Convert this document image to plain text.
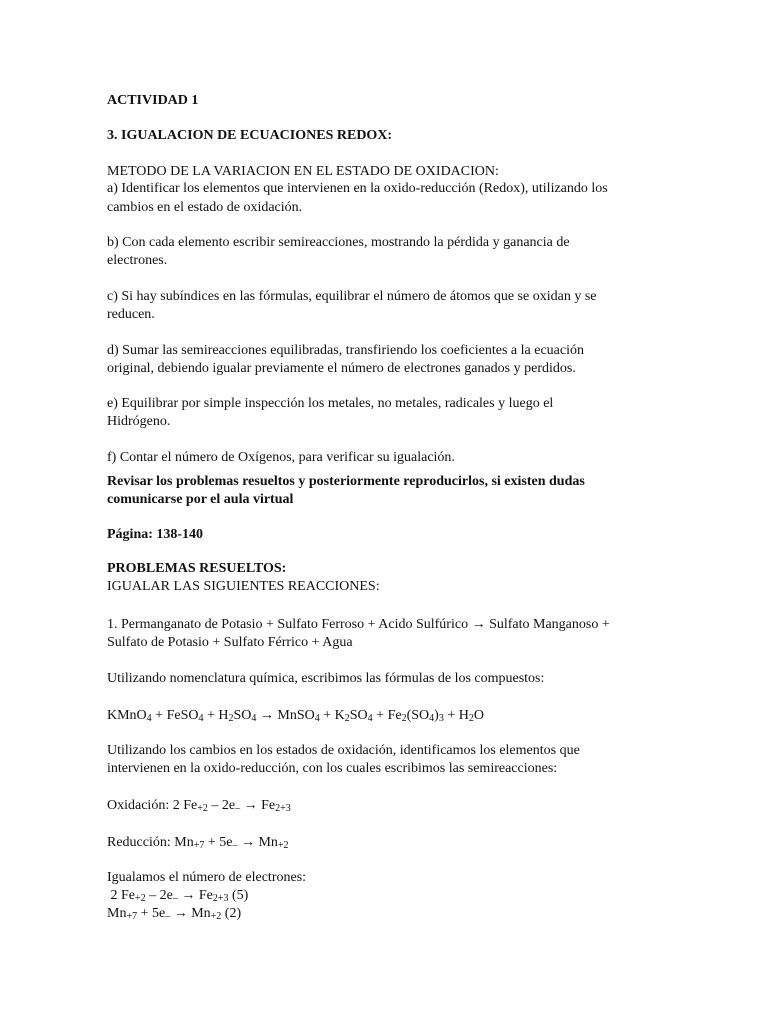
ACTIVIDAD 1
3. IGUALACION DE ECUACIONES REDOX:
METODO DE LA VARIACION EN EL ESTADO DE OXIDACION:
a) Identificar los elementos que intervienen en la oxido-reducción (Redox), utilizando los
cambios en el estado de oxidación.
b) Con cada elemento escribir semireacciones, mostrando la pérdida y ganancia de
electrones.
c) Si hay subíndices en las fórmulas, equilibrar el número de átomos que se oxidan y se
reducen.
d) Sumar las semireacciones equilibradas, transfiriendo los coeficientes a la ecuación
original, debiendo igualar previamente el número de electrones ganados y perdidos.
e) Equilibrar por simple inspección los metales, no metales, radicales y luego el
Hidrógeno.
f) Contar el número de Oxígenos, para verificar su igualación.
Revisar los problemas resueltos y posteriormente reproducirlos, si existen dudas
comunicarse por el aula virtual
Página: 138-140
PROBLEMAS RESUELTOS:
IGUALAR LAS SIGUIENTES REACCIONES:
1. Permanganato de Potasio + Sulfato Ferroso + Acido Sulfúrico → Sulfato Manganoso +
Sulfato de Potasio + Sulfato Férrico + Agua
Utilizando nomenclatura química, escribimos las fórmulas de los compuestos:
KMnO$_4$ + FeSO$_4$ + $H_2SO_4$ → MnSO$_4$ + $K_2SO_4 + Fe_2(SO_4)_3 + H_2O$
Utilizando los cambios en los estados de oxidación, identificamos los elementos que
intervienen en la oxido-reducción, con los cuales escribimos las semireacciones:
Oxidación: 2 $Fe_{+2} - 2e_- \to Fe_{2+3}$
Reducción: $Mn_{+7} + 5e_- \to Mn_{+2}$
Igualamos el número de electrones:
2 $Fe_{+2} - 2e_- \to Fe_{2+3}$ (5)
$Mn_{+7} + 5e_- \to Mn_{+2}$ (2)
